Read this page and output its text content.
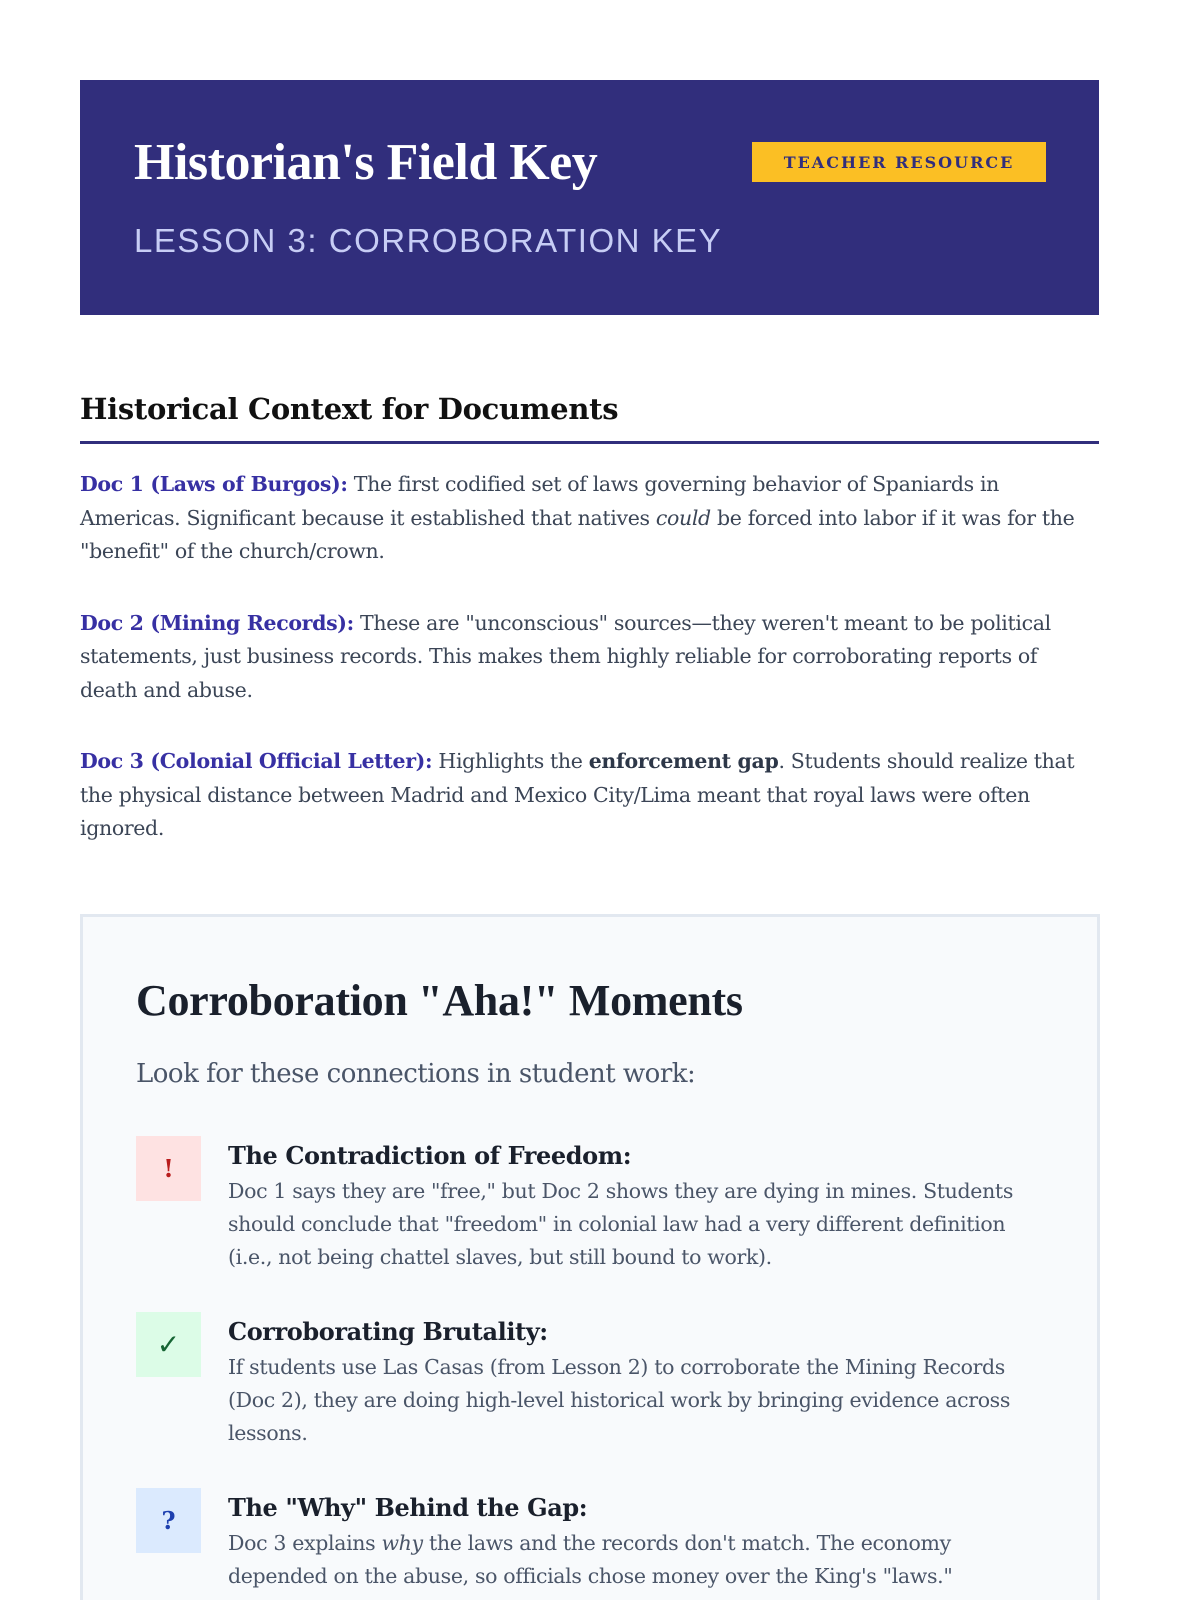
Historian's Field Key
LESSON 3: CORROBORATION KEY
TEACHER RESOURCE
Historical Context for Documents

Doc 1 (Laws of Burgos): The first codified set of laws governing behavior of Spaniards in Americas. Significant because it established that natives could be forced into labor if it was for the "benefit" of the church/crown.

Doc 2 (Mining Records): These are "unconscious" sources—they weren't meant to be political statements, just business records. This makes them highly reliable for corroborating reports of death and abuse.

Doc 3 (Colonial Official Letter): Highlights the enforcement gap. Students should realize that the physical distance between Madrid and Mexico City/Lima meant that royal laws were often ignored.

Corroboration "Aha!" Moments

Look for these connections in student work:

!	The Contradiction of Freedom:
Doc 1 says they are "free," but Doc 2 shows they are dying in mines. Students should conclude that "freedom" in colonial law had a very different definition (i.e., not being chattel slaves, but still bound to work).
✓	Corroborating Brutality:
If students use Las Casas (from Lesson 2) to corroborate the Mining Records (Doc 2), they are doing high-level historical work by bringing evidence across lessons.
?	The "Why" Behind the Gap:
Doc 3 explains why the laws and the records don't match. The economy depended on the abuse, so officials chose money over the King's "laws."
